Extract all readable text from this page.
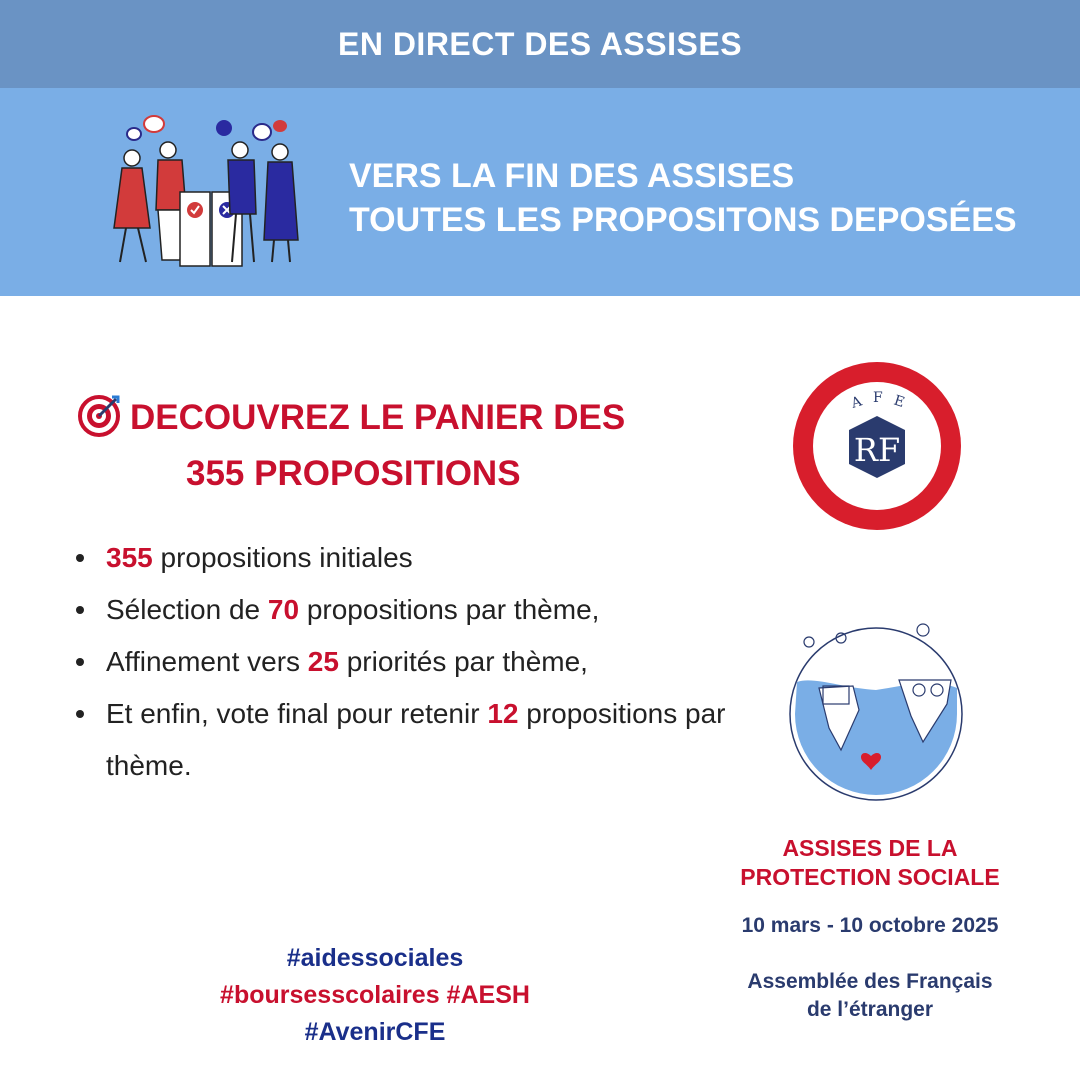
EN DIRECT DES ASSISES
VERS LA FIN DES ASSISES
TOUTES LES PROPOSITONS DEPOSÉES
DECOUVREZ LE PANIER DES
355 PROPOSITIONS
355 propositions initiales
Sélection de 70 propositions par thème,
Affinement vers 25 priorités par thème,
Et enfin, vote final pour retenir 12 propositions par thème.
A F E
RF
ASSISES DE LA
PROTECTION SOCIALE
10 mars - 10 octobre 2025
Assemblée des Français
de l’étranger
#aidessociales
#boursesscolaires #AESH
#AvenirCFE
